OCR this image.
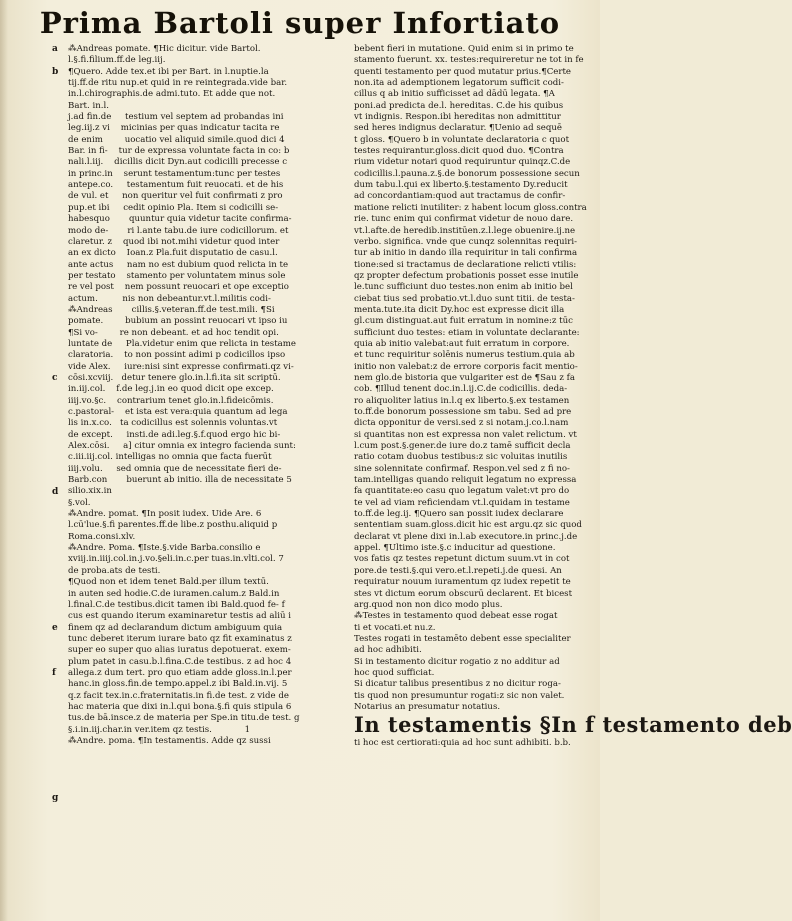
Prima Bartoli super Infortiato
a
b
c
d
e
f
g
⁂Andreas pomate. ¶Hic dicitur. vide Bartol.
l.§.fi.filium.ff.de leg.iij.
¶Quero. Adde tex.et ibi per Bart. in l.nuptie.la
tij.ff.de ritu nup.et quid in re reintegrada.vide bar.
in.l.chirographis.de admi.tuto. Et adde que not.
Bart. in.l.
j.ad fin.de     testium vel septem ad probandas ini
leg.iij.z vi    micinias per quas indicatur tacita re
de enim        uocatio vel aliquid simile.quod dici 4
Bar. in fi-    tur de expressa voluntate facta in co: b
nali.l.iij.    dicillis dicit Dyn.aut codicilli precesse c
in princ.in    serunt testamentum:tunc per testes
antepe.co.     testamentum fuit reuocati. et de his
de vul. et     non queritur vel fuit confirmati z pro
pup.et ibi     cedit opinio Pla. Item si codicilli se-
habesquo       quuntur quia videtur tacite confirma-
modo de-       ri l.ante tabu.de iure codicillorum. et
claretur. z    quod ibi not.mihi videtur quod inter
an ex dicto    Ioan.z Pla.fuit disputatio de casu.l.
ante actus     nam no est dubium quod relicta in te
per testato    stamento per voluntatem minus sole
re vel post    nem possunt reuocari et ope exceptio
actum.         nis non debeantur.vt.l.militis codi-
⁂Andreas       cillis.§.veteran.ff.de test.mili. ¶Si
pomate.        bubium an possint reuocari vt ipso iu
¶Si vo-        re non debeant. et ad hoc tendit opi.
luntate de     Pla.videtur enim que relicta in testame
claratoria.    to non possint adimi p codicillos ipso
vide Alex.     iure:nisi sint expresse confirmati.qz vi-
cōsi.xcviij.   detur tenere glo.in.l.fi.ita sit scriptū.
in.iij.col.    f.de leg.j.in eo quod dicit ope excep.
iiij.vo.§c.    contrarium tenet glo.in.l.fideicōmis.
c.pastoral-    et ista est vera:quia quantum ad lega
lis in.x.co.   ta codicillus est solennis voluntas.vt
de except.     insti.de adi.leg.§.f.quod ergo hic bi-
Alex.cōsi.     a] citur omnia ex integro facienda sunt:
c.iii.iij.col. intelligas no omnia que facta fuerūt
iiij.volu.     sed omnia que de necessitate fieri de-
Barb.con       buerunt ab initio. illa de necessitate 5
silio.xix.in
§.vol.
⁂Andre. pomat. ¶In posit iudex. Uide Are. 6
l.cū'lue.§.fi parentes.ff.de libe.z posthu.aliquid p
Roma.consi.xlv.
⁂Andre. Poma. ¶Iste.§.vide Barba.consilio e
xviij.in.iiij.col.in.j.vo.§eli.in.c.per tuas.in.vlti.col. 7
de proba.ats de testi.
¶Quod non et idem tenet Bald.per illum textū.
in auten sed hodie.C.de iuramen.calum.z Bald.in
l.final.C.de testibus.dicit tamen ibi Bald.quod fe- f
cus est quando iterum examinaretur testis ad aliū i
finem qz ad declarandum dictum ambiguum quia
tunc deberet iterum iurare bato qz fit examinatus z
super eo super quo alias iuratus depotuerat. exem-
plum patet in casu.b.l.fina.C.de testibus. z ad hoc 4
allega.z dum tert. pro quo etiam adde gloss.in.l.per
hanc.in gloss.fin.de tempo.appel.z ibi Bald.in.vij. 5
q.z facit tex.in.c.fraternitatis.in fi.de test. z vide de
hac materia que dixi in.l.qui bona.§.fi quis stipula 6
tus.de bā.insce.z de materia per Spe.in titu.de test. g
§.i.in.iij.char.in ver.item qz testis.            1
⁂Andre. poma. ¶In testamentis. Adde qz sussi
bebent fieri in mutatione. Quid enim si in primo te
stamento fuerunt. xx. testes:requireretur ne tot in fe
quenti testamento per quod mutatur prius.¶Certe
non.ita ad ademptionem legatorum sufficit codi-
cillus q ab initio sufficisset ad dādū legata. ¶A
poni.ad predicta de.l. hereditas. C.de his quibus
vt indignis. Respon.ibi hereditas non admittitur
sed heres indignus declaratur. ¶Uenio ad sequē
t gloss. ¶Quero b in voluntate declaratoria c quot
testes requirantur.gloss.dicit quod duo. ¶Contra
rium videtur notari quod requiruntur quinqz.C.de
codicillis.l.pauna.z.§.de bonorum possessione secun
dum tabu.l.qui ex liberto.§.testamento Dy.reducit
ad concordantiam:quod aut tractamus de confir-
matione relicti inutiliter: z habent locum gloss.contra
rie. tunc enim qui confirmat videtur de nouo dare.
vt.l.afte.de heredib.institūen.z.l.lege obuenire.ij.ne
verbo. significa. vnde que cunqz solennitas requiri-
tur ab initio in dando illa requiritur in tali confirma
tione:sed si tractamus de declaratione relicti vtilis:
qz propter defectum probationis posset esse inutile
le.tunc sufficiunt duo testes.non enim ab initio bel
ciebat tius sed probatio.vt.l.duo sunt titii. de testa-
menta.tute.ita dicit Dy.hoc est expresse dicit illa
gl.cum distinguat.aut fuit erratum in nomine:z tūc
sufficiunt duo testes: etiam in voluntate declarante:
quia ab initio valebat:aut fuit erratum in corpore.
et tunc requiritur solēnis numerus testium.quia ab
initio non valebat:z de errore corporis facit mentio-
nem glo.de bistoria que vulgariter est de ¶Sau z fa
cob. ¶Illud tenent doc.in.l.ij.C.de codicillis. deda-
ro aliquoliter latius in.l.q ex liberto.§.ex testamen
to.ff.de bonorum possessione sm tabu. Sed ad pre
dicta opponitur de versi.sed z si notam.j.co.l.nam
si quantitas non est expressa non valet relictum. vt
l.cum post.§.gener.de iure do.z tamē sufficit decla
ratio cotam duobus testibus:z sic voluitas inutilis
sine solennitate confirmaf. Respon.vel sed z fi no-
tam.intelligas quando reliquit legatum no expressa
fa quantitate:eo casu quo legatum valet:vt pro do
te vel ad viam reficiendam vt.l.quidam in testame
to.ff.de leg.ij. ¶Quero san possit iudex declarare
sententiam suam.gloss.dicit hic est argu.qz sic quod
declarat vt plene dixi in.l.ab executore.in princ.j.de
appel. ¶Ultimo iste.§.c inducitur ad questione.
vos fatis qz testes repetunt dictum suum.vt in cot
pore.de testi.§.qui vero.et.l.repeti.j.de quesi. An
requiratur nouum iuramentum qz iudex repetit te
stes vt dictum eorum obscurū declarent. Et bicest
arg.quod non non dico modo plus.
⁂Testes in testamento quod debeat esse rogat
ti et vocati.et nu.z.
Testes rogati in testamēto debent esse specialiter
ad hoc adhibiti.
Si in testamento dicitur rogatio z no additur ad
hoc quod sufficiat.
Si dicatur talibus presentibus z no dicitur roga-
tis quod non presumuntur rogati:z sic non valet.
Notarius an presumatur notatius.
In testamentis §In f testamento deb
ti hoc est certiorati:quia ad hoc sunt adhibiti. b.b.
